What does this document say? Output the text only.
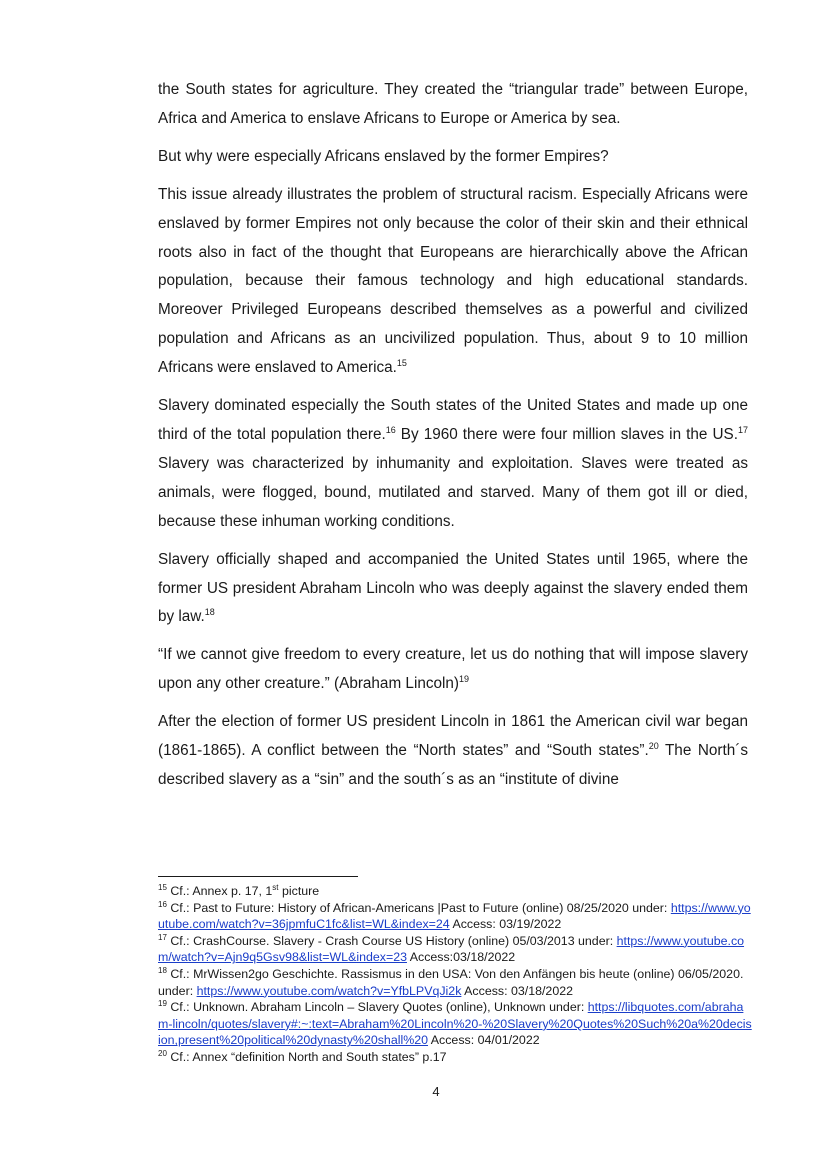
the South states for agriculture. They created the “triangular trade” between Europe, Africa and America to enslave Africans to Europe or America by sea.

But why were especially Africans enslaved by the former Empires?

This issue already illustrates the problem of structural racism. Especially Africans were enslaved by former Empires not only because the color of their skin and their ethnical roots also in fact of the thought that Europeans are hierarchically above the African population, because their famous technology and high educational standards. Moreover Privileged Europeans described themselves as a powerful and civilized population and Africans as an uncivilized population. Thus, about 9 to 10 million Africans were enslaved to America.$^{15}$

Slavery dominated especially the South states of the United States and made up one third of the total population there.$^{16}$ By 1960 there were four million slaves in the US.$^{17}$ Slavery was characterized by inhumanity and exploitation. Slaves were treated as animals, were flogged, bound, mutilated and starved. Many of them got ill or died, because these inhuman working conditions.

Slavery officially shaped and accompanied the United States until 1965, where the former US president Abraham Lincoln who was deeply against the slavery ended them by law.$^{18}$

“If we cannot give freedom to every creature, let us do nothing that will impose slavery upon any other creature.” (Abraham Lincoln)$^{19}$

After the election of former US president Lincoln in 1861 the American civil war began (1861-1865). A conflict between the “North states” and “South states”.$^{20}$ The North´s described slavery as a “sin” and the south´s as an “institute of divine

$^{15}$ Cf.: Annex p. 17, 1st picture

$^{16}$ Cf.: Past to Future: History of African-Americans |Past to Future (online) 08/25/2020 under: https://www.youtube.com/watch?v=36jpmfuC1fc&list=WL&index=24 Access: 03/19/2022

$^{17}$ Cf.: CrashCourse. Slavery - Crash Course US History (online) 05/03/2013 under: https://www.youtube.com/watch?v=Ajn9q5Gsv98&list=WL&index=23 Access:03/18/2022

$^{18}$ Cf.: MrWissen2go Geschichte. Rassismus in den USA: Von den Anfängen bis heute (online) 06/05/2020. under: https://www.youtube.com/watch?v=YfbLPVqJi2k Access: 03/18/2022

$^{19}$ Cf.: Unknown. Abraham Lincoln – Slavery Quotes (online), Unknown under: https://libquotes.com/abraham-lincoln/quotes/slavery#:~:text=Abraham%20Lincoln%20-%20Slavery%20Quotes%20Such%20a%20decision,present%20political%20dynasty%20shall%20 Access: 04/01/2022

$^{20}$ Cf.: Annex “definition North and South states” p.17

4
